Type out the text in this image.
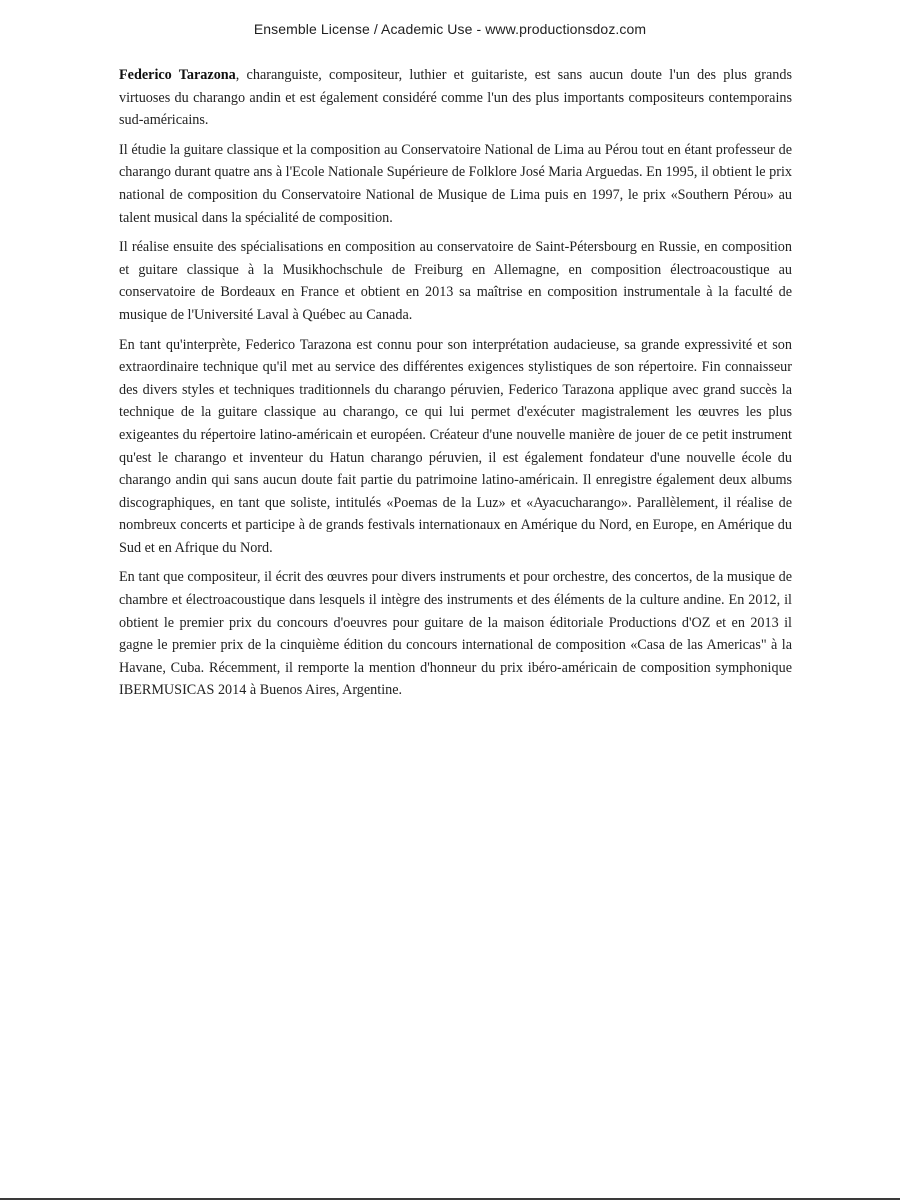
Ensemble License / Academic Use - www.productionsdoz.com

Federico Tarazona, charanguiste, compositeur, luthier et guitariste, est sans aucun doute l'un des plus grands virtuoses du charango andin et est également considéré comme l'un des plus importants compositeurs contemporains sud-américains.

Il étudie la guitare classique et la composition au Conservatoire National de Lima au Pérou tout en étant professeur de charango durant quatre ans à l'Ecole Nationale Supérieure de Folklore José Maria Arguedas. En 1995, il obtient le prix national de composition du Conservatoire National de Musique de Lima puis en 1997, le prix «Southern Pérou» au talent musical dans la spécialité de composition.

Il réalise ensuite des spécialisations en composition au conservatoire de Saint-Pétersbourg en Russie, en composition et guitare classique à la Musikhochschule de Freiburg en Allemagne, en composition électroacoustique au conservatoire de Bordeaux en France et obtient en 2013 sa maîtrise en composition instrumentale à la faculté de musique de l'Université Laval à Québec au Canada.

En tant qu'interprète, Federico Tarazona est connu pour son interprétation audacieuse, sa grande expressivité et son extraordinaire technique qu'il met au service des différentes exigences stylistiques de son répertoire. Fin connaisseur des divers styles et techniques traditionnels du charango péruvien, Federico Tarazona applique avec grand succès la technique de la guitare classique au charango, ce qui lui permet d'exécuter magistralement les œuvres les plus exigeantes du répertoire latino-américain et européen. Créateur d'une nouvelle manière de jouer de ce petit instrument qu'est le charango et inventeur du Hatun charango péruvien, il est également fondateur d'une nouvelle école du charango andin qui sans aucun doute fait partie du patrimoine latino-américain. Il enregistre également deux albums discographiques, en tant que soliste, intitulés «Poemas de la Luz» et «Ayacucharango». Parallèlement, il réalise de nombreux concerts et participe à de grands festivals internationaux en Amérique du Nord, en Europe, en Amérique du Sud et en Afrique du Nord.

En tant que compositeur, il écrit des œuvres pour divers instruments et pour orchestre, des concertos, de la musique de chambre et électroacoustique dans lesquels il intègre des instruments et des éléments de la culture andine. En 2012, il obtient le premier prix du concours d'oeuvres pour guitare de la maison éditoriale Productions d'OZ et en 2013 il gagne le premier prix de la cinquième édition du concours international de composition «Casa de las Americas" à la Havane, Cuba. Récemment, il remporte la mention d'honneur du prix ibéro-américain de composition symphonique IBERMUSICAS 2014 à Buenos Aires, Argentine.
